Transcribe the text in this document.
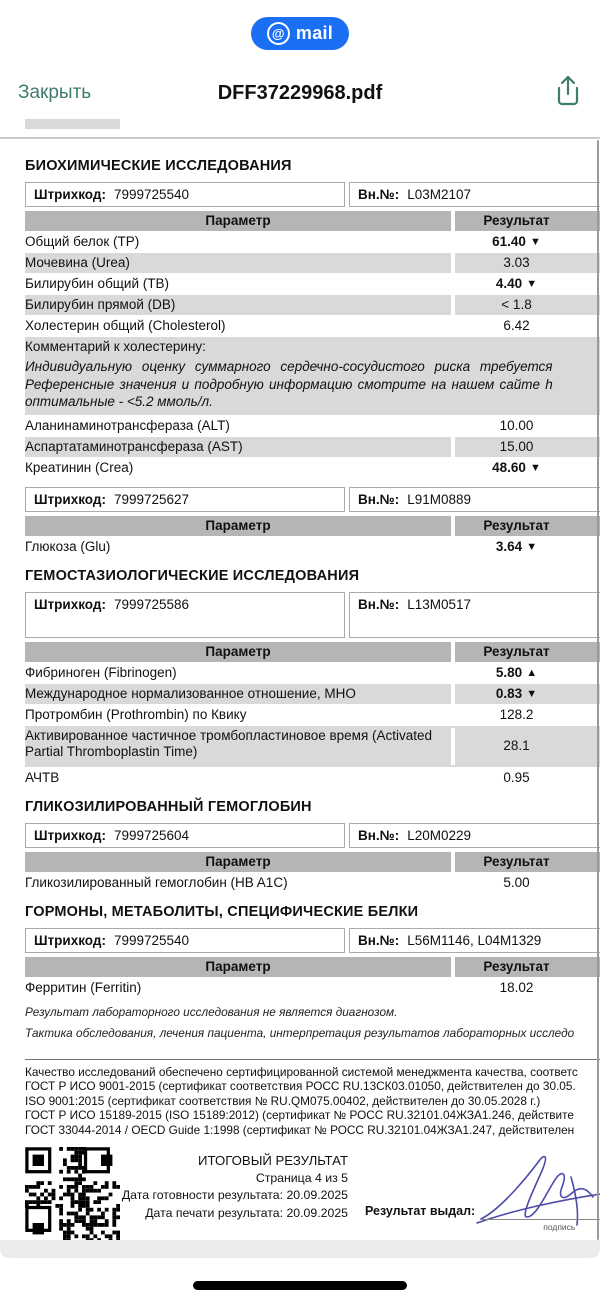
@ mail
Закрыть	DFF37229968.pdf
БИОХИМИЧЕСКИЕ ИССЛЕДОВАНИЯ
Штрихкод: 7999725540	Вн.№: L03M2107
Параметр	Результат
Общий белок (TP)	61.40 ▼
Мочевина (Urea)	3.03
Билирубин общий (TB)	4.40 ▼
Билирубин прямой (DB)	< 1.8
Холестерин общий (Cholesterol)	6.42
Комментарий к холестерину:
Индивидуальную оценку суммарного сердечно-сосудистого риска требуется
Референсные значения и подробную информацию смотрите на нашем сайте h
оптимальные - <5.2 ммоль/л.
Аланинаминотрансфераза (ALT)	10.00
Аспартатаминотрансфераза (AST)	15.00
Креатинин (Crea)	48.60 ▼
Штрихкод: 7999725627	Вн.№: L91M0889
Параметр	Результат
Глюкоза (Glu)	3.64 ▼
ГЕМОСТАЗИОЛОГИЧЕСКИЕ ИССЛЕДОВАНИЯ
Штрихкод: 7999725586	Вн.№: L13M0517
Параметр	Результат
Фибриноген (Fibrinogen)	5.80 ▲
Международное нормализованное отношение, МНО	0.83 ▼
Протромбин (Prothrombin) по Квику	128.2
Активированное частичное тромбопластиновое время (Activated Partial Thromboplastin Time)	28.1
АЧТВ	0.95
ГЛИКОЗИЛИРОВАННЫЙ ГЕМОГЛОБИН
Штрихкод: 7999725604	Вн.№: L20M0229
Параметр	Результат
Гликозилированный гемоглобин (HB A1C)	5.00
ГОРМОНЫ, МЕТАБОЛИТЫ, СПЕЦИФИЧЕСКИЕ БЕЛКИ
Штрихкод: 7999725540	Вн.№: L56M1146, L04M1329
Параметр	Результат
Ферритин (Ferritin)	18.02
Результат лабораторного исследования не является диагнозом.
Тактика обследования, лечения пациента, интерпретация результатов лабораторных исследо
Качество исследований обеспечено сертифицированной системой менеджмента качества, соответс
ГОСТ Р ИСО 9001-2015 (сертификат соответствия РОСС RU.13СК03.01050, действителен до 30.05.
ISO 9001:2015 (сертификат соответствия № RU.QM075.00402, действителен до 30.05.2028 г.)
ГОСТ Р ИСО 15189-2015 (ISO 15189:2012) (сертификат № РОСС RU.32101.04ЖЗА1.246, действите
ГОСТ 33044-2014 / OECD Guide 1:1998 (сертификат № РОСС RU.32101.04ЖЗА1.247, действителен
ИТОГОВЫЙ РЕЗУЛЬТАТ
Страница 4 из 5
Дата готовности результата: 20.09.2025
Дата печати результата: 20.09.2025 Результат выдал:
подпись
